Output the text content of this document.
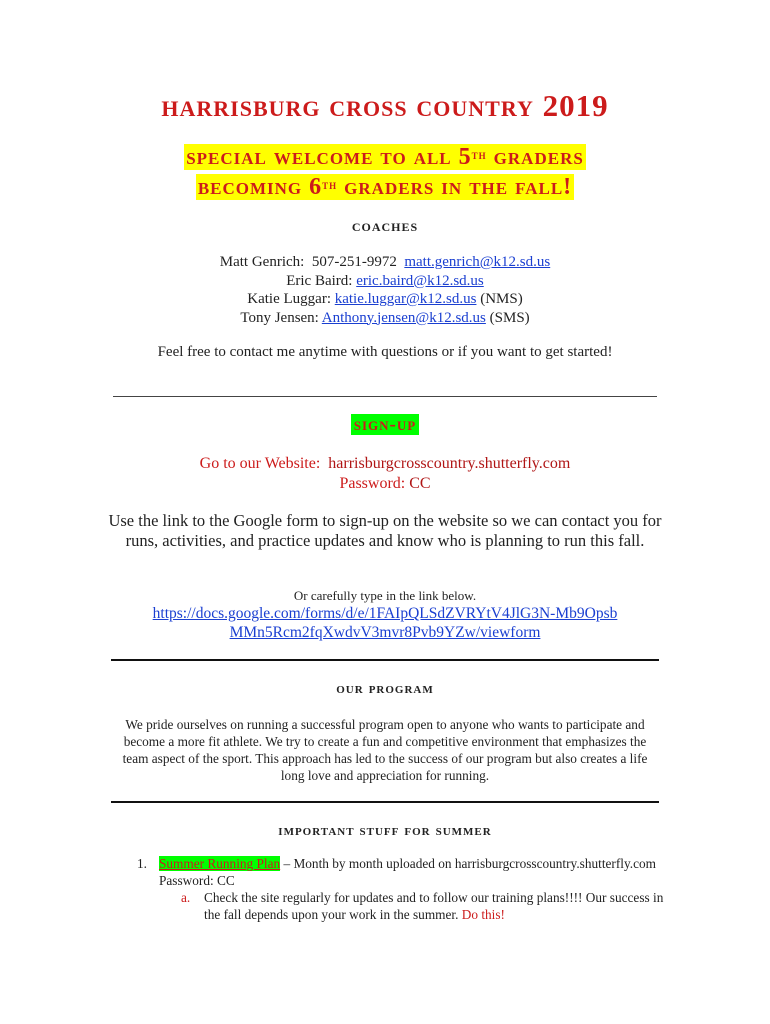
harrisburg cross country 2019
special welcome to all 5th graders
becoming 6th graders in the fall!
coaches
Matt Genrich: 507-251-9972 matt.genrich@k12.sd.us
Eric Baird: eric.baird@k12.sd.us
Katie Luggar: katie.luggar@k12.sd.us (NMS)
Tony Jensen: Anthony.jensen@k12.sd.us (SMS)
Feel free to contact me anytime with questions or if you want to get started!
sign-up
Go to our Website: harrisburgcrosscountry.shutterfly.com
Password: CC
Use the link to the Google form to sign-up on the website so we can contact you for runs, activities, and practice updates and know who is planning to run this fall.
Or carefully type in the link below.
https://docs.google.com/forms/d/e/1FAIpQLSdZVRYtV4JlG3N-Mb9OpsbMMn5Rcm2fqXwdvV3mvr8Pvb9YZw/viewform
our program
We pride ourselves on running a successful program open to anyone who wants to participate and become a more fit athlete. We try to create a fun and competitive environment that emphasizes the team aspect of the sport. This approach has led to the success of our program but also creates a life long love and appreciation for running.
important stuff for summer
1. Summer Running Plan – Month by month uploaded on harrisburgcrosscountry.shutterfly.com Password: CC
a. Check the site regularly for updates and to follow our training plans!!!! Our success in the fall depends upon your work in the summer. Do this!
